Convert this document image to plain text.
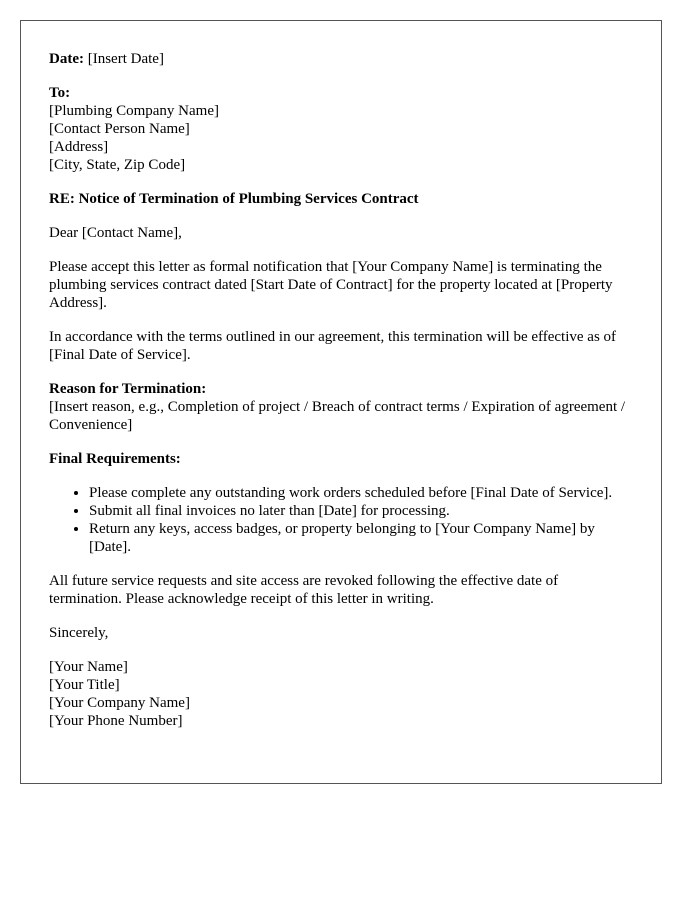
Date: [Insert Date]
To:
[Plumbing Company Name]
[Contact Person Name]
[Address]
[City, State, Zip Code]

RE: Notice of Termination of Plumbing Services Contract

Dear [Contact Name],

Please accept this letter as formal notification that [Your Company Name] is terminating the plumbing services contract dated [Start Date of Contract] for the property located at [Property Address].

In accordance with the terms outlined in our agreement, this termination will be effective as of [Final Date of Service].

Reason for Termination:
[Insert reason, e.g., Completion of project / Breach of contract terms / Expiration of agreement / Convenience]

Final Requirements:

• Please complete any outstanding work orders scheduled before [Final Date of Service].
• Submit all final invoices no later than [Date] for processing.
• Return any keys, access badges, or property belonging to [Your Company Name] by [Date].

All future service requests and site access are revoked following the effective date of termination. Please acknowledge receipt of this letter in writing.

Sincerely,

[Your Name]
[Your Title]
[Your Company Name]
[Your Phone Number]
